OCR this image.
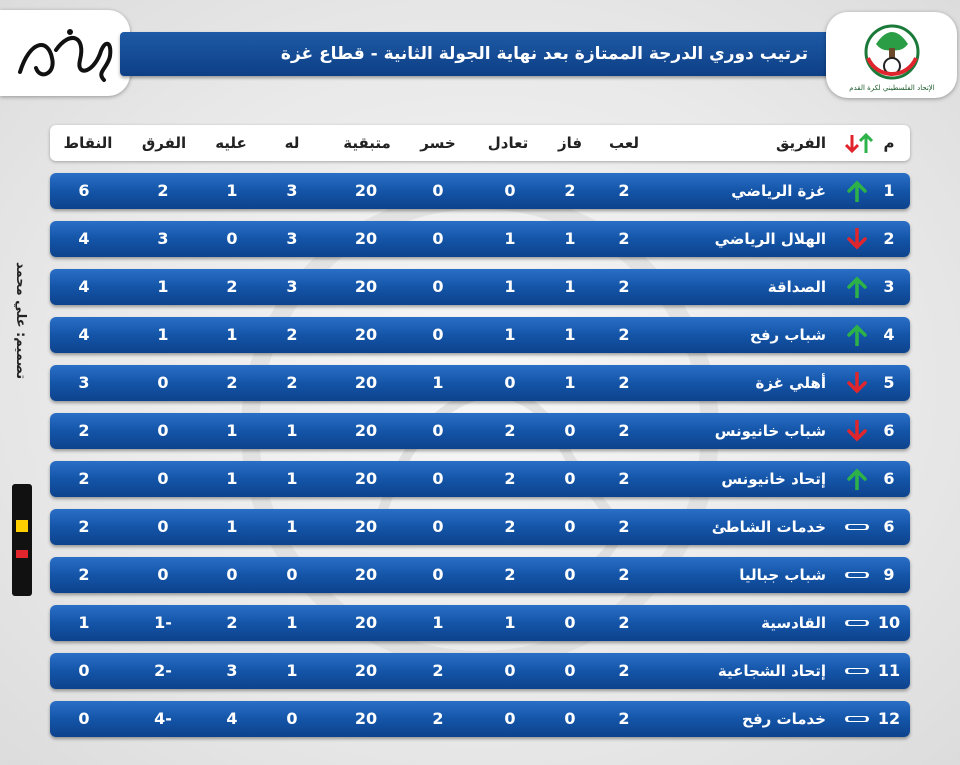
ترتيب دوري الدرجة الممتازة بعد نهاية الجولة الثانية - قطاع غزة
الإتحاد الفلسطيني لكرة القدم
تصميم: علي محمد
م
الفريق
لعب
فاز
تعادل
خسر
متبقية
له
عليه
الفرق
النقاط
1
غزة الرياضي
2
2
0
0
20
3
1
2
6
2
الهلال الرياضي
2
1
1
0
20
3
0
3
4
3
الصداقة
2
1
1
0
20
3
2
1
4
4
شباب رفح
2
1
1
0
20
2
1
1
4
5
أهلي غزة
2
1
0
1
20
2
2
0
3
6
شباب خانيونس
2
0
2
0
20
1
1
0
2
6
إتحاد خانيونس
2
0
2
0
20
1
1
0
2
6
خدمات الشاطئ
2
0
2
0
20
1
1
0
2
9
شباب جباليا
2
0
2
0
20
0
0
0
2
10
القادسية
2
0
1
1
20
1
2
1-
1
11
إتحاد الشجاعية
2
0
0
2
20
1
3
2-
0
12
خدمات رفح
2
0
0
2
20
0
4
4-
0
